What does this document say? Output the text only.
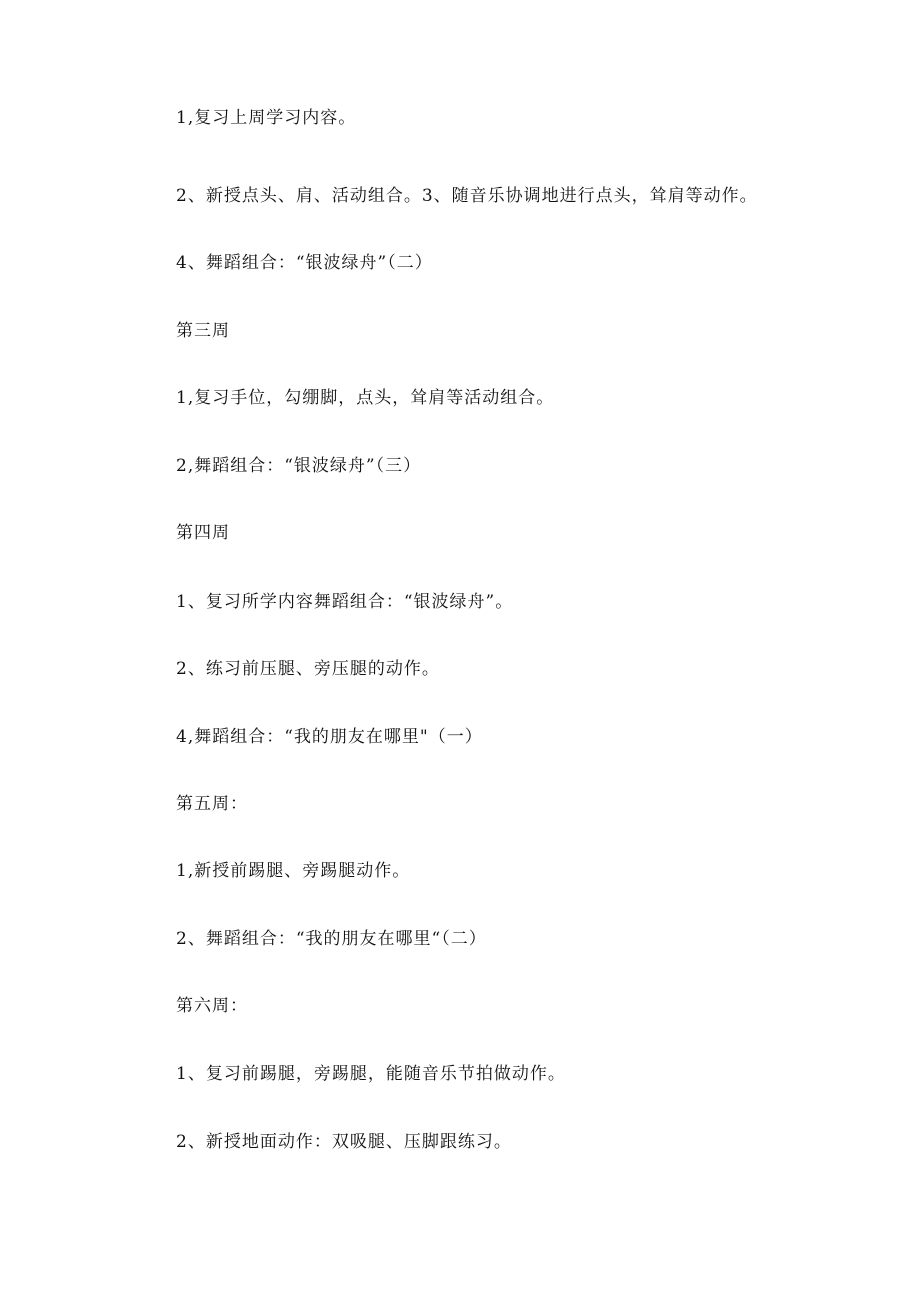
1,复习上周学习内容。
2、新授点头、肩、活动组合。3、随音乐协调地进行点头，耸肩等动作。
4、舞蹈组合：“银波绿舟”（二）
第三周
1,复习手位，勾绷脚，点头，耸肩等活动组合。
2,舞蹈组合：“银波绿舟”（三）
第四周
1、复习所学内容舞蹈组合：“银波绿舟”。
2、练习前压腿、旁压腿的动作。
4,舞蹈组合：“我的朋友在哪里"（一）
第五周：
1,新授前踢腿、旁踢腿动作。
2、舞蹈组合：“我的朋友在哪里“（二）
第六周：
1、复习前踢腿，旁踢腿，能随音乐节拍做动作。
2、新授地面动作：双吸腿、压脚跟练习。
